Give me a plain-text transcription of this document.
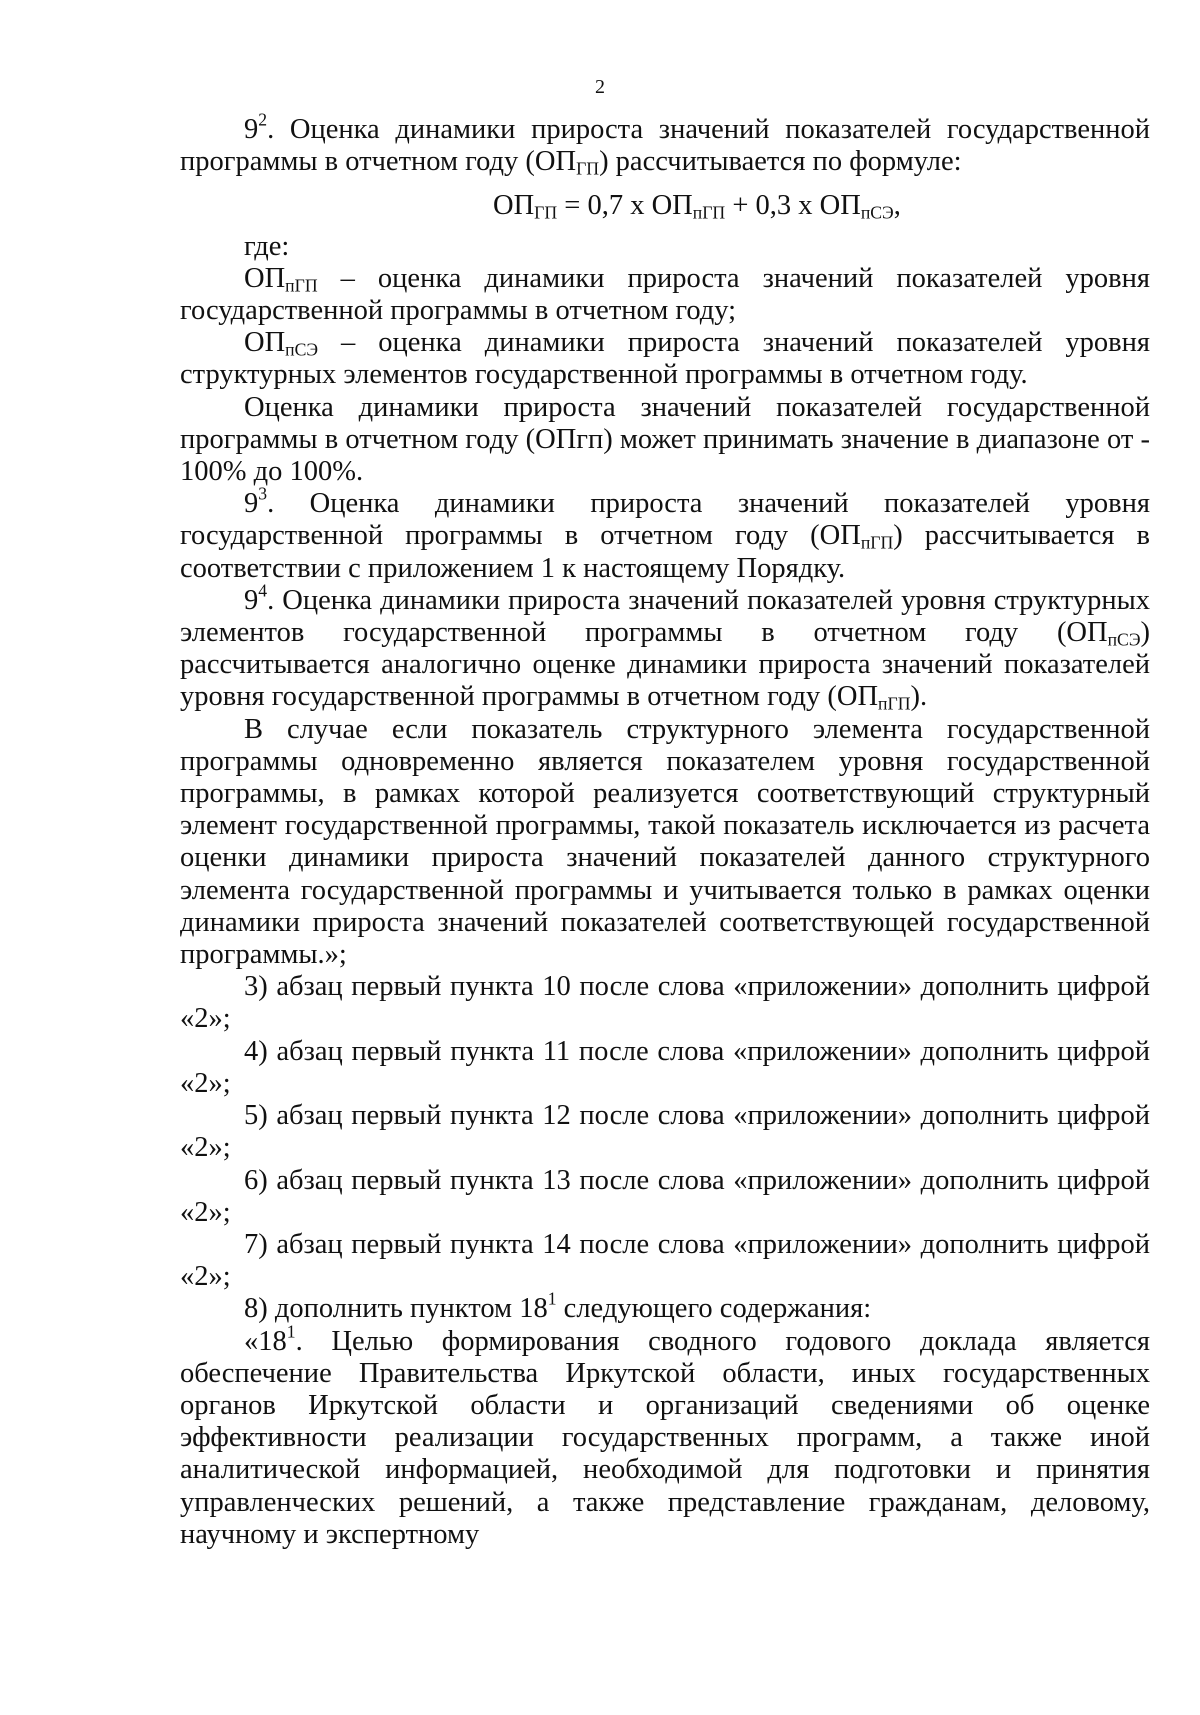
2

$9^2$. Оценка динамики прироста значений показателей государственной программы в отчетном году $(ОП_{ГП})$ рассчитывается по формуле:

$ОП_{ГП} = 0,7$ х $ОП_{пГП} + 0,3$ х $ОП_{пСЭ}$,

где:

$ОП_{пГП}$ – оценка динамики прироста значений показателей уровня государственной программы в отчетном году;

$ОП_{пСЭ}$ – оценка динамики прироста значений показателей уровня структурных элементов государственной программы в отчетном году.

Оценка динамики прироста значений показателей государственной программы в отчетном году (ОПгп) может принимать значение в диапазоне от - 100% до 100%.

$9^3$. Оценка динамики прироста значений показателей уровня государственной программы в отчетном году $(ОП_{пГП})$ рассчитывается в соответствии с приложением 1 к настоящему Порядку.

$9^4$. Оценка динамики прироста значений показателей уровня структурных элементов государственной программы в отчетном году $(ОП_{пСЭ})$ рассчитывается аналогично оценке динамики прироста значений показателей уровня государственной программы в отчетном году $(ОП_{пГП})$.

В случае если показатель структурного элемента государственной программы одновременно является показателем уровня государственной программы, в рамках которой реализуется соответствующий структурный элемент государственной программы, такой показатель исключается из расчета оценки динамики прироста значений показателей данного структурного элемента государственной программы и учитывается только в рамках оценки динамики прироста значений показателей соответствующей государственной программы.»;

3) абзац первый пункта 10 после слова «приложении» дополнить цифрой «2»;

4) абзац первый пункта 11 после слова «приложении» дополнить цифрой «2»;

5) абзац первый пункта 12 после слова «приложении» дополнить цифрой «2»;

6) абзац первый пункта 13 после слова «приложении» дополнить цифрой «2»;

7) абзац первый пункта 14 после слова «приложении» дополнить цифрой «2»;

8) дополнить пунктом $18^1$ следующего содержания:

«$18^1$. Целью формирования сводного годового доклада является обеспечение Правительства Иркутской области, иных государственных органов Иркутской области и организаций сведениями об оценке эффективности реализации государственных программ, а также иной аналитической информацией, необходимой для подготовки и принятия управленческих решений, а также представление гражданам, деловому, научному и экспертному
